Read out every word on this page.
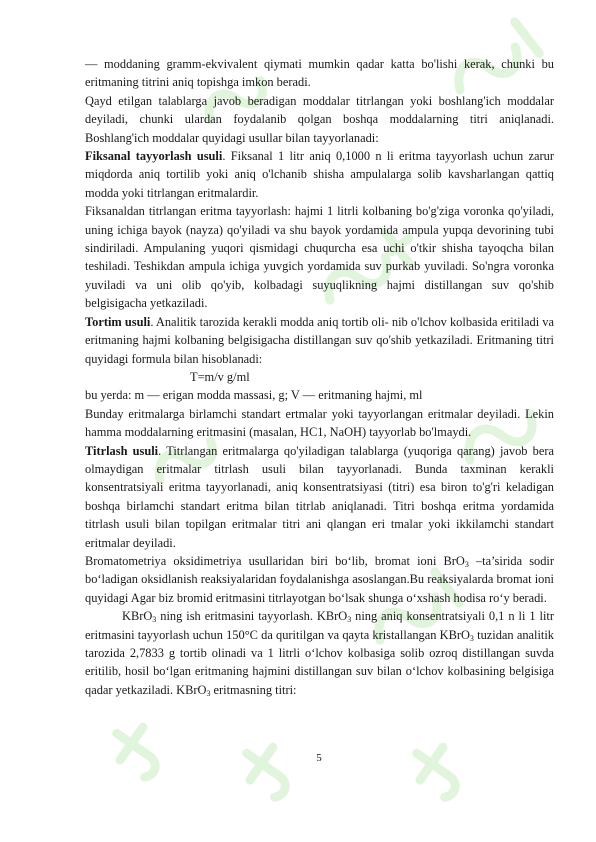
— moddaning gramm-ekvivalent qiymati mumkin qadar katta bo'lishi kerak, chunki bu eritmaning titrini aniq topishga imkon beradi.

Qayd etilgan talablarga javob beradigan moddalar titrlangan yoki boshlang'ich moddalar deyiladi, chunki ulardan foydalanib qolgan boshqa moddalarning titri aniqlanadi. Boshlang'ich moddalar quyidagi usullar bilan tayyorlanadi:

Fiksanal tayyorlash usuli. Fiksanal 1 litr aniq 0,1000 n li eritma tayyorlash uchun zarur miqdorda aniq tortilib yoki aniq o'lchanib shisha ampulalarga solib kavsharlangan qattiq modda yoki titrlangan eritmalardir.

Fiksanaldan titrlangan eritma tayyorlash: hajmi 1 litrli kolbaning bo'g'ziga voronka qo'yiladi, uning ichiga bayok (nayza) qo'yiladi va shu bayok yordamida ampula yupqa devorining tubi sindiriladi. Ampulaning yuqori qismidagi chuqurcha esa uchi o'tkir shisha tayoqcha bilan teshiladi. Teshikdan ampula ichiga yuvgich yordamida suv purkab yuviladi. So'ngra voronka yuviladi va uni olib qo'yib, kolbadagi suyuqlikning hajmi distillangan suv qo'shib belgisigacha yetkaziladi.

Tortim usuli. Analitik tarozida kerakli modda aniq tortib oli- nib o'lchov kolbasida eritiladi va eritmaning hajmi kolbaning belgisigacha distillangan suv qo'shib yetkaziladi. Eritmaning titri quyidagi formula bilan hisoblanadi:

T=m/v g/ml

bu yerda: m — erigan modda massasi, g; V — eritmaning hajmi, ml

Bunday eritmalarga birlamchi standart ertmalar yoki tayyorlangan eritmalar deyiladi. Lekin hamma moddalarning eritmasini (masalan, HC1, NaOH) tayyorlab bo'lmaydi.

Titrlash usuli. Titrlangan eritmalarga qo'yiladigan talablarga (yuqoriga qarang) javob bera olmaydigan eritmalar titrlash usuli bilan tayyorlanadi. Bunda taxminan kerakli konsentratsiyali eritma tayyorlanadi, aniq konsentratsiyasi (titri) esa biron to'g'ri keladigan boshqa birlamchi standart eritma bilan titrlab aniqlanadi. Titri boshqa eritma yordamida titrlash usuli bilan topilgan eritmalar titri ani qlangan eri tmalar yoki ikkilamchi standart eritmalar deyiladi.

Bromatometriya oksidimetriya usullaridan biri bo‘lib, bromat ioni BrO$_3$ –ta’sirida sodir bo‘ladigan oksidlanish reaksiyalaridan foydalanishga asoslangan.Bu reaksiyalarda bromat ioni quyidagi Agar biz bromid eritmasini titrlayotgan bo‘lsak shunga o‘xshash hodisa ro‘y beradi.

KBrO$_3$ ning ish eritmasini tayyorlash. KBrO$_3$ ning aniq konsentratsiyali 0,1 n li 1 litr eritmasini tayyorlash uchun 150°C da quritilgan va qayta kristallangan KBrO$_3$ tuzidan analitik tarozida 2,7833 g tortib olinadi va 1 litrli o‘lchov kolbasiga solib ozroq distillangan suvda eritilib, hosil bo‘lgan eritmaning hajmini distillangan suv bilan o‘lchov kolbasining belgisiga qadar yetkaziladi. KBrO$_3$ eritmasning titri:

5
